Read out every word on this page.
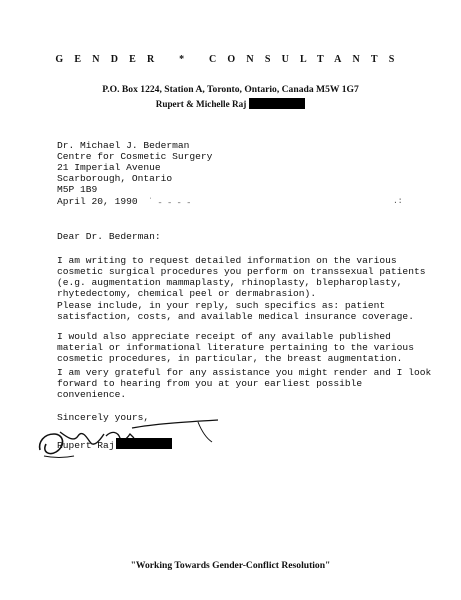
GENDER * CONSULTANTS
P.O. Box 1224, Station A, Toronto, Ontario, Canada M5W 1G7
Rupert & Michelle Raj
Dr. Michael J. Bederman
Centre for Cosmetic Surgery
21 Imperial Avenue
Scarborough, Ontario
M5P 1B9
April 20, 1990 ˙ ˗ ˗ ˗ ˗	.:
Dear Dr. Bederman:
I am writing to request detailed information on the various
cosmetic surgical procedures you perform on transsexual patients
(e.g. augmentation mammaplasty, rhinoplasty, blepharoplasty,
rhytedectomy, chemical peel or dermabrasion).
Please include, in your reply, such specifics as: patient
satisfaction, costs, and available medical insurance coverage.
I would also appreciate receipt of any available published
material or informational literature pertaining to the various
cosmetic procedures, in particular, the breast augmentation.
I am very grateful for any assistance you might render and I look
forward to hearing from you at your earliest possible
convenience.
Sincerely yours,
Rupert Raj
"Working Towards Gender-Conflict Resolution"
